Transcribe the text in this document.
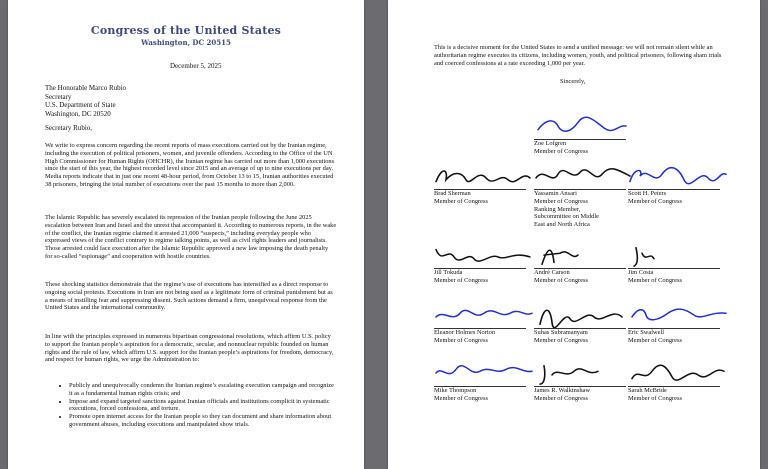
Congress of the United States
Washington, DC 20515
December 5, 2025
The Honorable Marco Rubio
Secretary
U.S. Department of State
Washington, DC 20520
Secretary Rubio,

We write to express concern regarding the recent reports of mass executions carried out by the Iranian regime, including the execution of political prisoners, women, and juvenile offenders. According to the Office of the UN High Commissioner for Human Rights (OHCHR), the Iranian regime has carried out more than 1,000 executions since the start of this year, the highest recorded level since 2015 and an average of up to nine executions per day. Media reports indicate that in just one recent 48-hour period, from October 13 to 15, Iranian authorities executed 38 prisoners, bringing the total number of executions over the past 15 months to more than 2,000.

The Islamic Republic has severely escalated its repression of the Iranian people following the June 2025 escalation between Iran and Israel and the unrest that accompanied it. According to numerous reports, in the wake of the conflict, the Iranian regime claimed it arrested 21,000 “suspects,” including everyday people who expressed views of the conflict contrary to regime talking points, as well as civil rights leaders and journalists. Those arrested could face execution after the Islamic Republic approved a new law imposing the death penalty for so-called “espionage” and cooperation with hostile countries.

These shocking statistics demonstrate that the regime’s use of executions has intensified as a direct response to ongoing social protests. Executions in Iran are not being used as a legitimate form of criminal punishment but as a means of instilling fear and suppressing dissent. Such actions demand a firm, unequivocal response from the United States and the international community.

In line with the principles expressed in numerous bipartisan congressional resolutions, which affirm U.S. policy to support the Iranian people’s aspiration for a democratic, secular, and nonnuclear republic founded on human rights and the rule of law, which affirm U.S. support for the Iranian people’s aspirations for freedom, democracy, and respect for human rights, we urge the Administration to:

• Publicly and unequivocally condemn the Iranian regime’s escalating execution campaign and recognize it as a fundamental human rights crisis; and
• Impose and expand targeted sanctions against Iranian officials and institutions complicit in systematic executions, forced confessions, and torture.
• Promote open internet access for the Iranian people so they can document and share information about government abuses, including executions and manipulated show trials.

This is a decisive moment for the United States to send a unified message: we will not remain silent while an authoritarian regime executes its citizens, including women, youth, and political prisoners, following sham trials and coerced confessions at a rate exceeding 1,000 per year.

Sincerely,
Zoe Lofgren
Member of Congress
Brad Sherman
Member of Congress
Yassamin Ansari
Member of Congress
Ranking Member,
Subcommittee on Middle
East and North Africa
Scott H. Peters
Member of Congress
Jill Tokuda
Member of Congress
André Carson
Member of Congress
Jim Costa
Member of Congress
Eleanor Holmes Norton
Member of Congress
Suhas Subramanyam
Member of Congress
Eric Swalwell
Member of Congress
Mike Thompson
Member of Congress
James R. Walkinshaw
Member of Congress
Sarah McBride
Member of Congress
